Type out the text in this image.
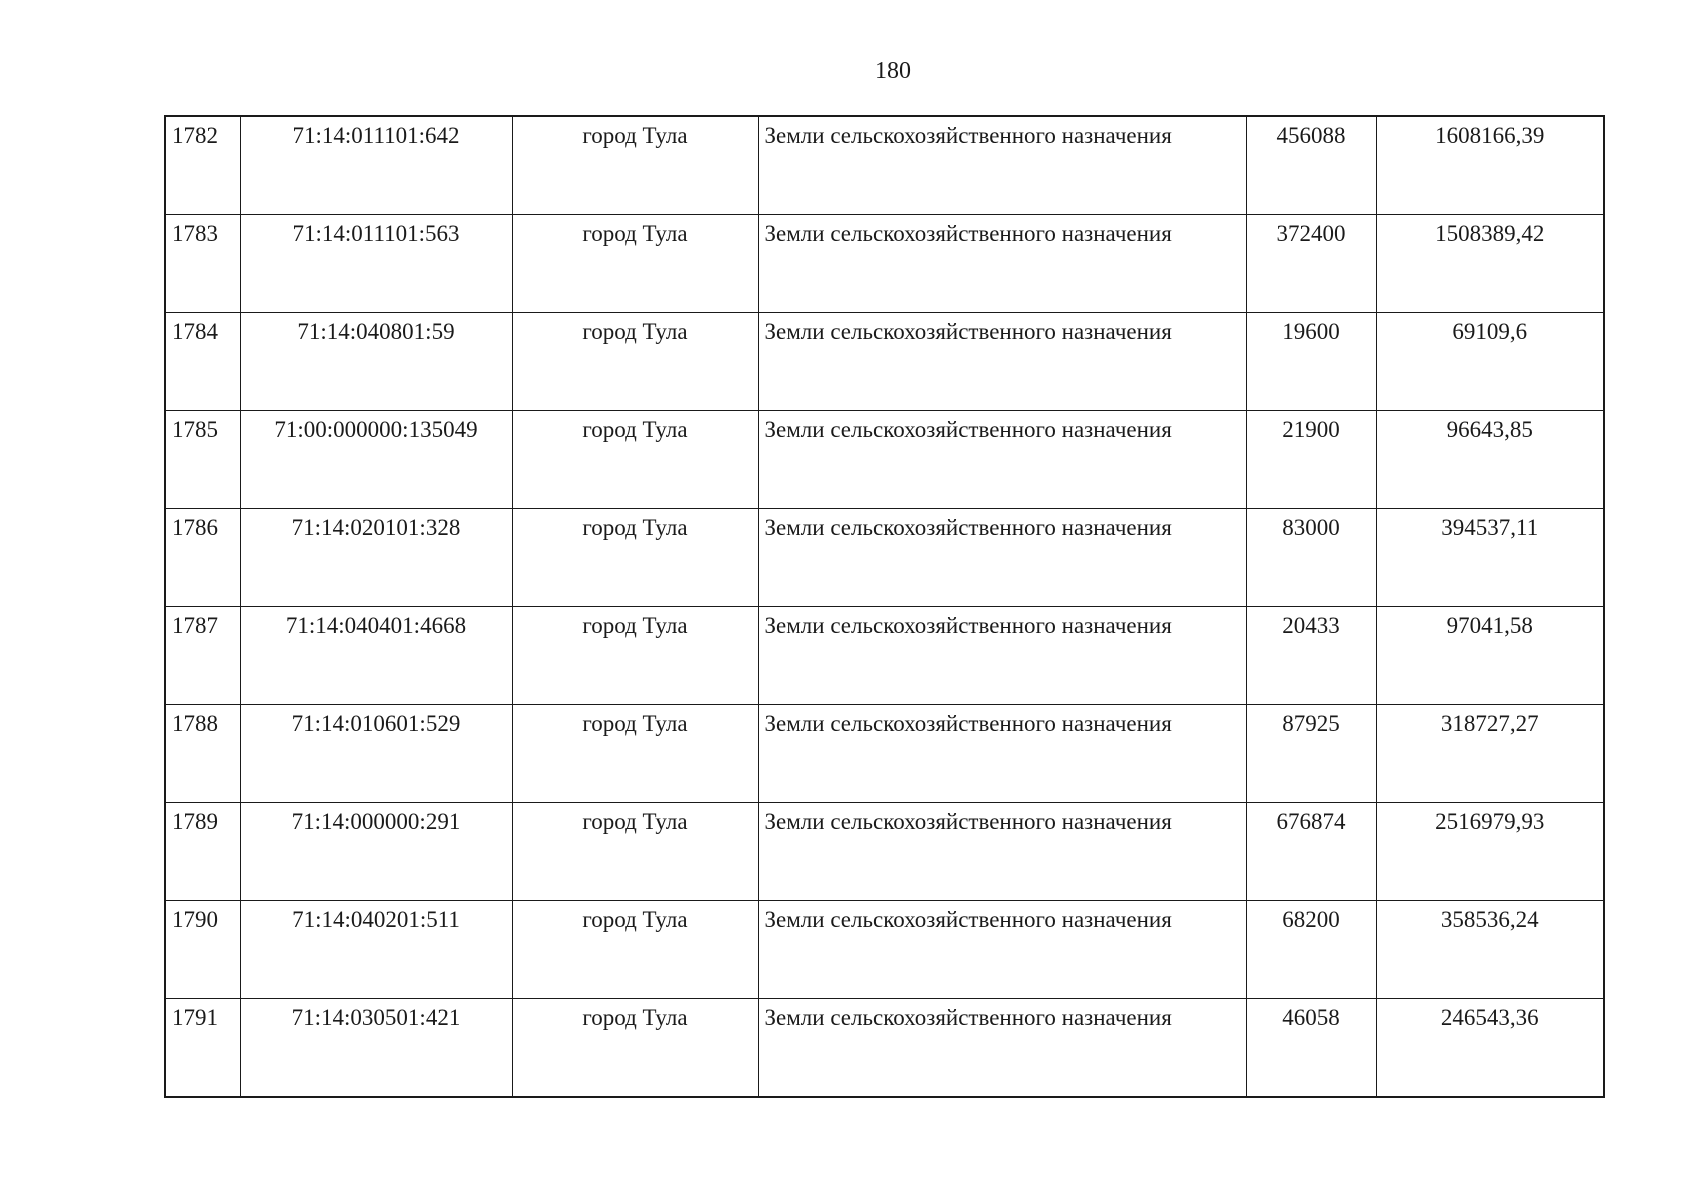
180
1782	71:14:011101:642	город Тула	Земли сельскохозяйственного назначения	456088	1608166,39
1783	71:14:011101:563	город Тула	Земли сельскохозяйственного назначения	372400	1508389,42
1784	71:14:040801:59	город Тула	Земли сельскохозяйственного назначения	19600	69109,6
1785	71:00:000000:135049	город Тула	Земли сельскохозяйственного назначения	21900	96643,85
1786	71:14:020101:328	город Тула	Земли сельскохозяйственного назначения	83000	394537,11
1787	71:14:040401:4668	город Тула	Земли сельскохозяйственного назначения	20433	97041,58
1788	71:14:010601:529	город Тула	Земли сельскохозяйственного назначения	87925	318727,27
1789	71:14:000000:291	город Тула	Земли сельскохозяйственного назначения	676874	2516979,93
1790	71:14:040201:511	город Тула	Земли сельскохозяйственного назначения	68200	358536,24
1791	71:14:030501:421	город Тула	Земли сельскохозяйственного назначения	46058	246543,36
